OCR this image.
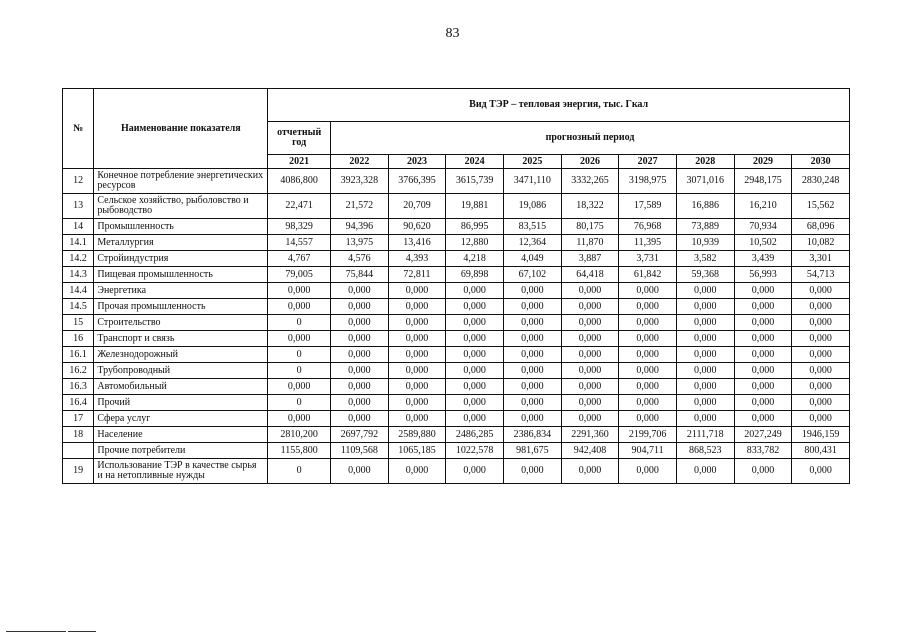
83
№	Наименование показателя	Вид ТЭР – тепловая энергия, тыс. Гкал									
		отчетный год	прогнозный период								
		2021	2022	2023	2024	2025	2026	2027	2028	2029	2030
12	Конечное потребление энергетических ресурсов	4086,800	3923,328	3766,395	3615,739	3471,110	3332,265	3198,975	3071,016	2948,175	2830,248
13	Сельское хозяйство, рыболовство и рыбоводство	22,471	21,572	20,709	19,881	19,086	18,322	17,589	16,886	16,210	15,562
14	Промышленность	98,329	94,396	90,620	86,995	83,515	80,175	76,968	73,889	70,934	68,096
14.1	Металлургия	14,557	13,975	13,416	12,880	12,364	11,870	11,395	10,939	10,502	10,082
14.2	Стройиндустрия	4,767	4,576	4,393	4,218	4,049	3,887	3,731	3,582	3,439	3,301
14.3	Пищевая промышленность	79,005	75,844	72,811	69,898	67,102	64,418	61,842	59,368	56,993	54,713
14.4	Энергетика	0,000	0,000	0,000	0,000	0,000	0,000	0,000	0,000	0,000	0,000
14.5	Прочая промышленность	0,000	0,000	0,000	0,000	0,000	0,000	0,000	0,000	0,000	0,000
15	Строительство	0	0,000	0,000	0,000	0,000	0,000	0,000	0,000	0,000	0,000
16	Транспорт и связь	0,000	0,000	0,000	0,000	0,000	0,000	0,000	0,000	0,000	0,000
16.1	Железнодорожный	0	0,000	0,000	0,000	0,000	0,000	0,000	0,000	0,000	0,000
16.2	Трубопроводный	0	0,000	0,000	0,000	0,000	0,000	0,000	0,000	0,000	0,000
16.3	Автомобильный	0,000	0,000	0,000	0,000	0,000	0,000	0,000	0,000	0,000	0,000
16.4	Прочий	0	0,000	0,000	0,000	0,000	0,000	0,000	0,000	0,000	0,000
17	Сфера услуг	0,000	0,000	0,000	0,000	0,000	0,000	0,000	0,000	0,000	0,000
18	Население	2810,200	2697,792	2589,880	2486,285	2386,834	2291,360	2199,706	2111,718	2027,249	1946,159
	Прочие потребители	1155,800	1109,568	1065,185	1022,578	981,675	942,408	904,711	868,523	833,782	800,431
19	Использование ТЭР в качестве сырья и на нетопливные нужды	0	0,000	0,000	0,000	0,000	0,000	0,000	0,000	0,000	0,000
